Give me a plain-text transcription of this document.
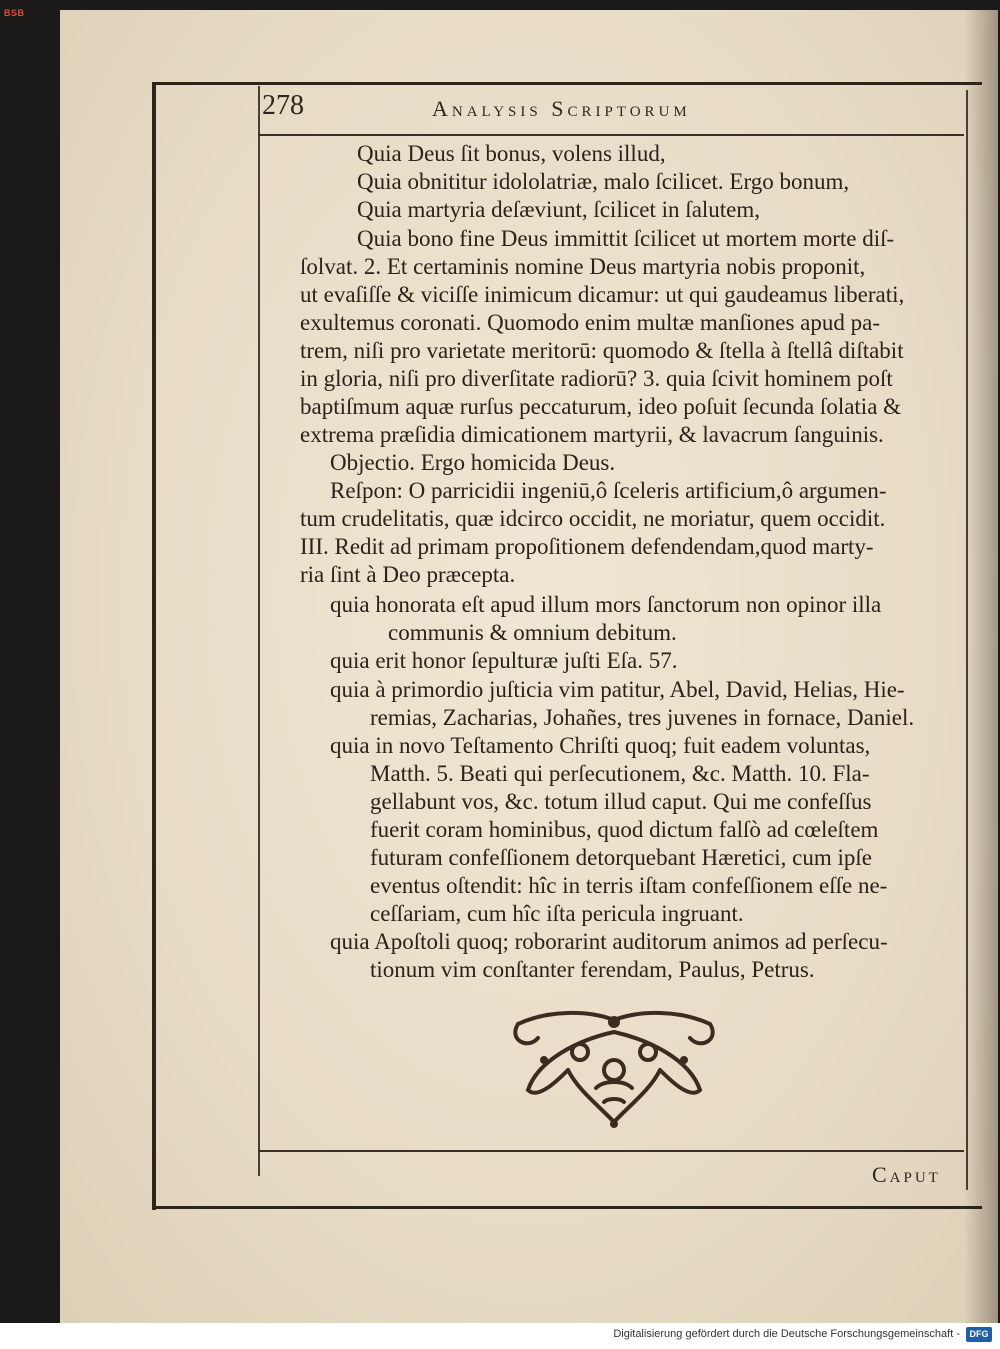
BSB
278	Analysis Scriptorum
Quia Deus ſit bonus, volens illud,
Quia obnititur idololatriæ, malo ſcilicet. Ergo bonum,
Quia martyria deſæviunt, ſcilicet in ſalutem,
Quia bono fine Deus immittit ſcilicet ut mortem morte diſ-
ſolvat. 2. Et certaminis nomine Deus martyria nobis proponit,
ut evaſiſſe & viciſſe inimicum dicamur: ut qui gaudeamus liberati,
exultemus coronati. Quomodo enim multæ manſiones apud pa-
trem, niſi pro varietate meritorū: quomodo & ſtella à ſtellâ diſtabit
in gloria, niſi pro diverſitate radiorū? 3. quia ſcivit hominem poſt
baptiſmum aquæ rurſus peccaturum, ideo poſuit ſecunda ſolatia &
extrema præſidia dimicationem martyrii, & lavacrum ſanguinis.
Objectio. Ergo homicida Deus.
Reſpon: O parricidii ingeniū,ô ſceleris artificium,ô argumen-
tum crudelitatis, quæ idcirco occidit, ne moriatur, quem occidit.
III. Redit ad primam propoſitionem defendendam,quod marty-
ria ſint à Deo præcepta.
quia honorata eſt apud illum mors ſanctorum non opinor illa
communis & omnium debitum.
quia erit honor ſepulturæ juſti Eſa. 57.
quia à primordio juſticia vim patitur, Abel, David, Helias, Hie-
remias, Zacharias, Johañes, tres juvenes in fornace, Daniel.
quia in novo Teſtamento Chriſti quoq; fuit eadem voluntas,
Matth. 5. Beati qui perſecutionem, &c. Matth. 10. Fla-
gellabunt vos, &c. totum illud caput. Qui me confeſſus
fuerit coram hominibus, quod dictum falſò ad cœleſtem
futuram confeſſionem detorquebant Hæretici, cum ipſe
eventus oſtendit: hîc in terris iſtam confeſſionem eſſe ne-
ceſſariam, cum hîc iſta pericula ingruant.
quia Apoſtoli quoq; roborarint auditorum animos ad perſecu-
tionum vim conſtanter ferendam, Paulus, Petrus.
Caput
Digitalisierung gefördert durch die Deutsche Forschungsgemeinschaft -	DFG
